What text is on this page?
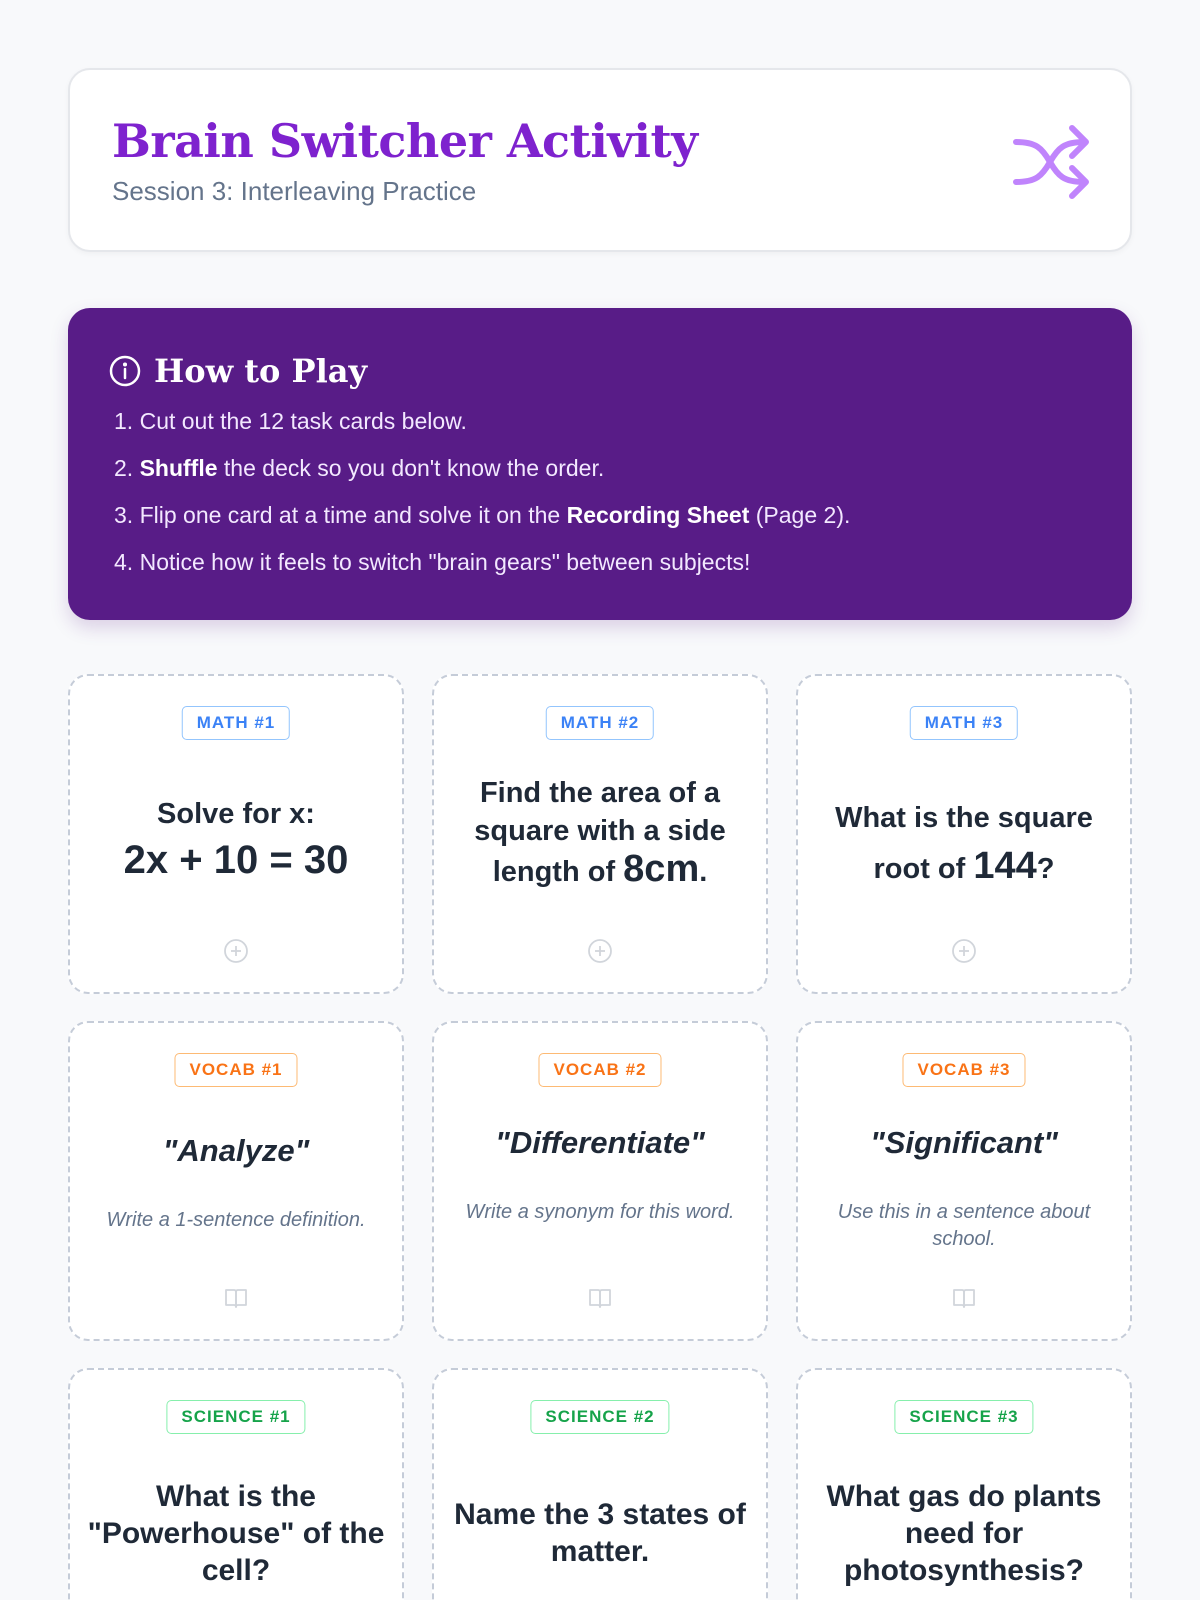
Brain Switcher Activity
Session 3: Interleaving Practice
How to Play
1. Cut out the 12 task cards below.
2. Shuffle the deck so you don't know the order.
3. Flip one card at a time and solve it on the Recording Sheet (Page 2).
4. Notice how it feels to switch "brain gears" between subjects!
MATH #1
Solve for x:
2x + 10 = 30
MATH #2
Find the area of a
square with a side
length of 8cm.
MATH #3
What is the square
root of 144?
VOCAB #1
"Analyze"
Write a 1-sentence definition.
VOCAB #2
"Differentiate"
Write a synonym for this word.
VOCAB #3
"Significant"
Use this in a sentence about school.
SCIENCE #1
What is the "Powerhouse" of the cell?
SCIENCE #2
Name the 3 states of matter.
SCIENCE #3
What gas do plants need for photosynthesis?
